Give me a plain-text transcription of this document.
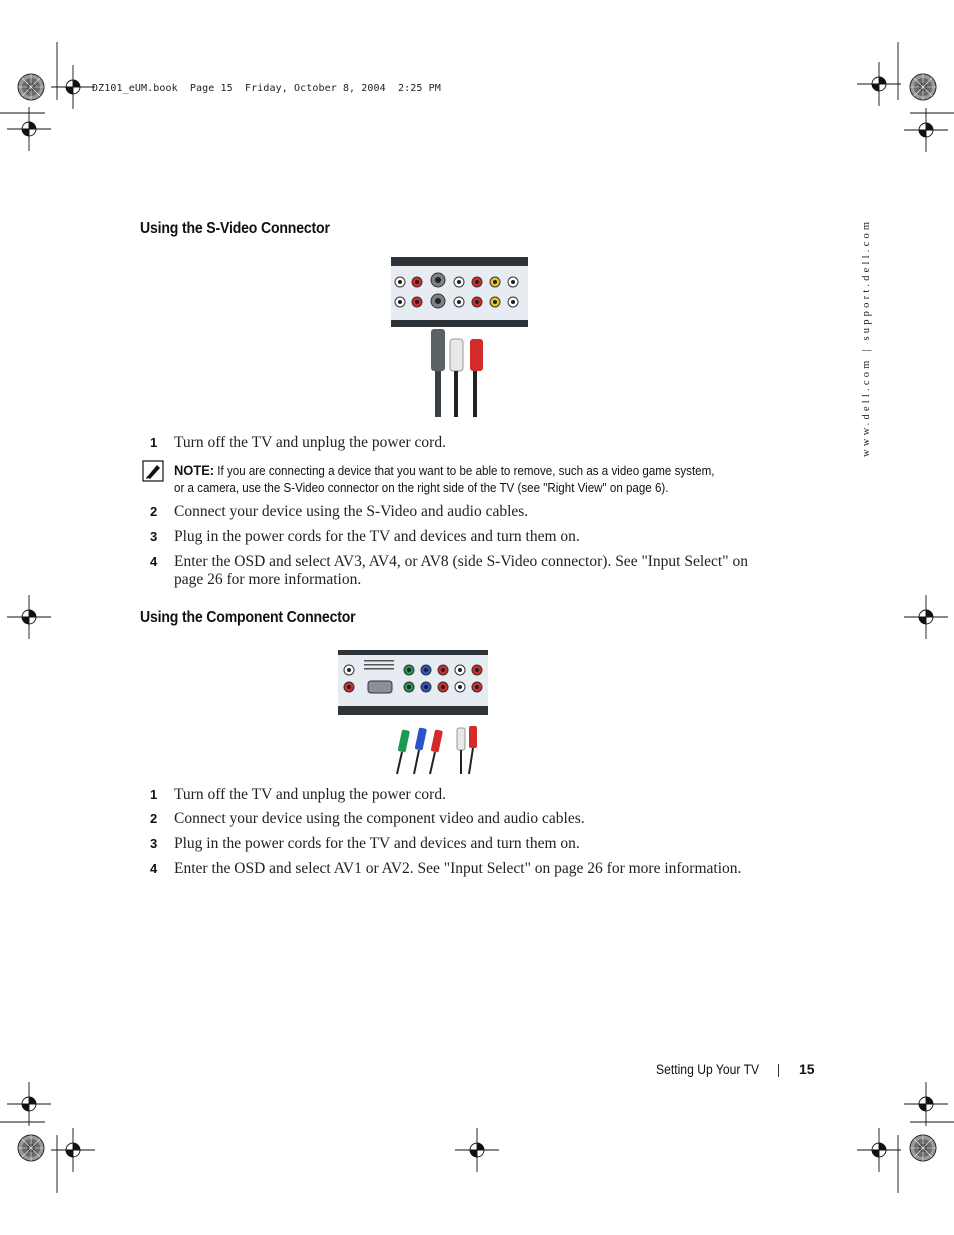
DZ101_eUM.book  Page 15  Friday, October 8, 2004  2:25 PM
www.dell.com | support.dell.com
Using the S-Video Connector
1 Turn off the TV and unplug the power cord.
NOTE: If you are connecting a device that you want to be able to remove, such as a video game system, or a camera, use the S-Video connector on the right side of the TV (see "Right View" on page 6).
2 Connect your device using the S-Video and audio cables.
3 Plug in the power cords for the TV and devices and turn them on.
4 Enter the OSD and select AV3, AV4, or AV8 (side S-Video connector). See "Input Select" on page 26 for more information.
Using the Component Connector
1 Turn off the TV and unplug the power cord.
2 Connect your device using the component video and audio cables.
3 Plug in the power cords for the TV and devices and turn them on.
4 Enter the OSD and select AV1 or AV2. See "Input Select" on page 26 for more information.
Setting Up Your TV	15
